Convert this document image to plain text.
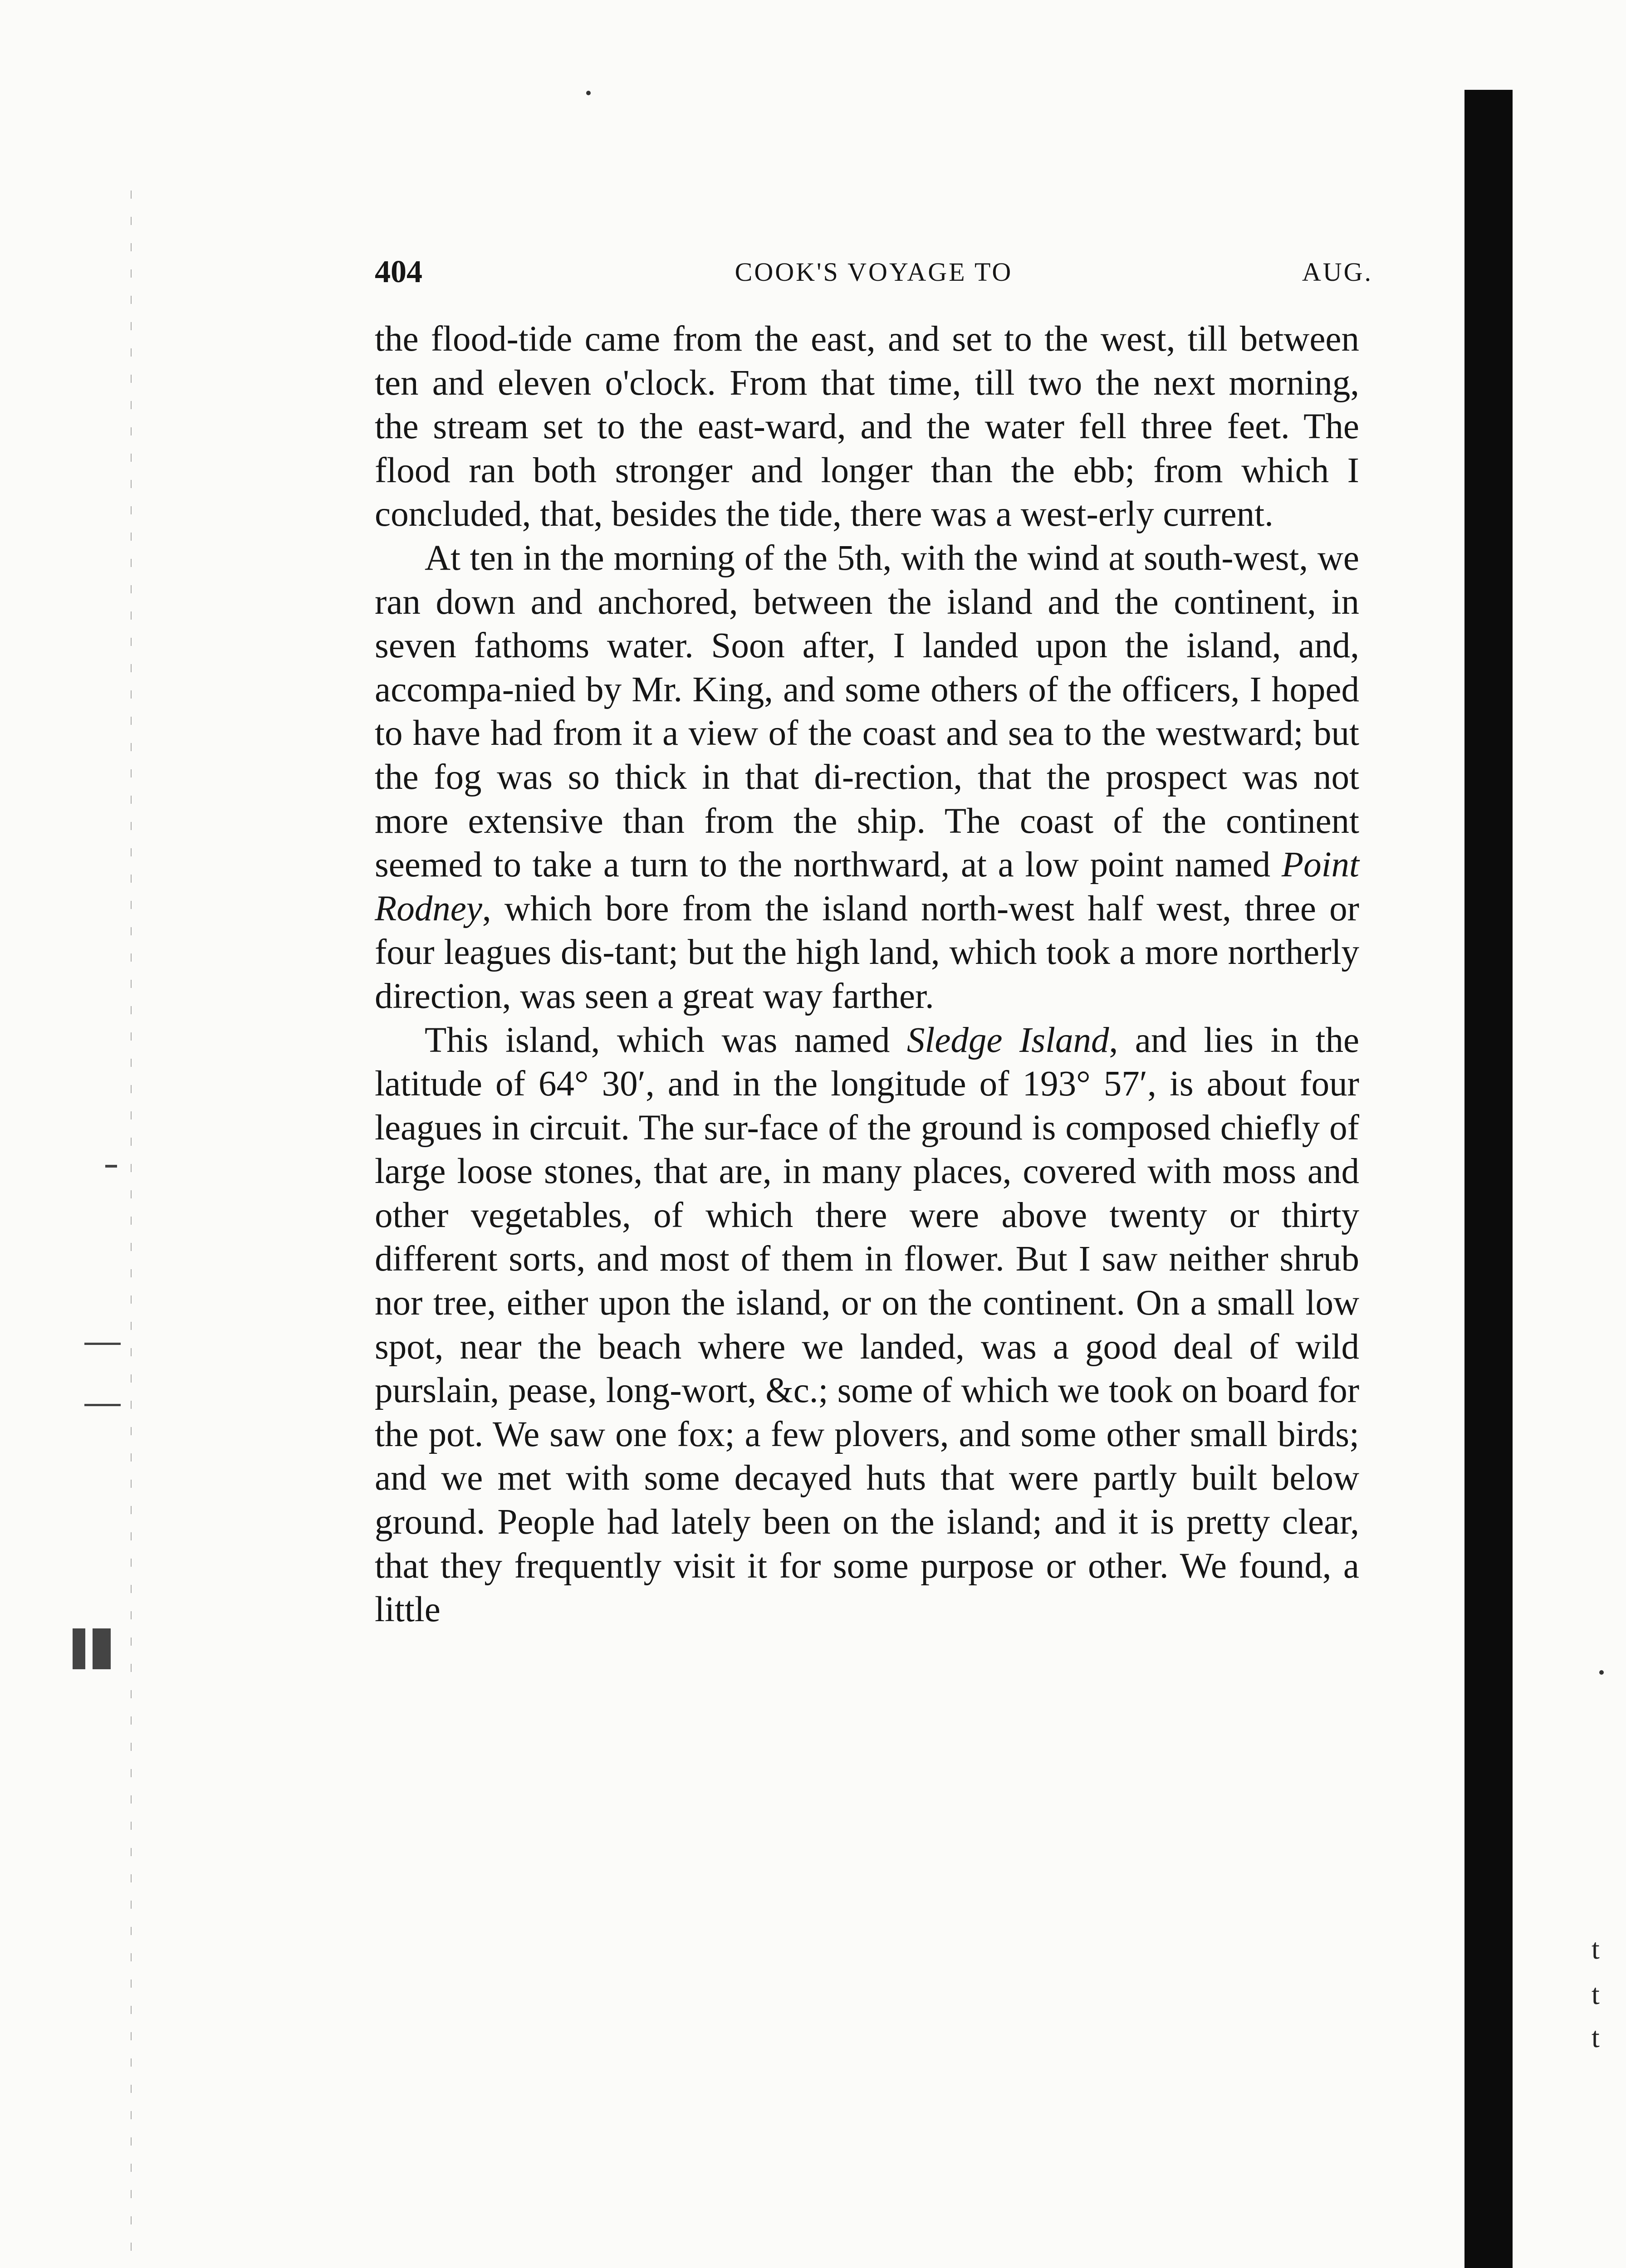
t
t
t
404	COOK'S VOYAGE TO	AUG.

the flood-tide came from the east, and set to the west, till between ten and eleven o'clock. From that time, till two the next morning, the stream set to the east-ward, and the water fell three feet. The flood ran both stronger and longer than the ebb; from which I concluded, that, besides the tide, there was a west-erly current.

At ten in the morning of the 5th, with the wind at south-west, we ran down and anchored, between the island and the continent, in seven fathoms water. Soon after, I landed upon the island, and, accompa-nied by Mr. King, and some others of the officers, I hoped to have had from it a view of the coast and sea to the westward; but the fog was so thick in that di-rection, that the prospect was not more extensive than from the ship. The coast of the continent seemed to take a turn to the northward, at a low point named Point Rodney, which bore from the island north-west half west, three or four leagues dis-tant; but the high land, which took a more northerly direction, was seen a great way farther.

This island, which was named Sledge Island, and lies in the latitude of 64° 30′, and in the longitude of 193° 57′, is about four leagues in circuit. The sur-face of the ground is composed chiefly of large loose stones, that are, in many places, covered with moss and other vegetables, of which there were above twenty or thirty different sorts, and most of them in flower. But I saw neither shrub nor tree, either upon the island, or on the continent. On a small low spot, near the beach where we landed, was a good deal of wild purslain, pease, long-wort, &c.; some of which we took on board for the pot. We saw one fox; a few plovers, and some other small birds; and we met with some decayed huts that were partly built below ground. People had lately been on the island; and it is pretty clear, that they frequently visit it for some purpose or other. We found, a little
